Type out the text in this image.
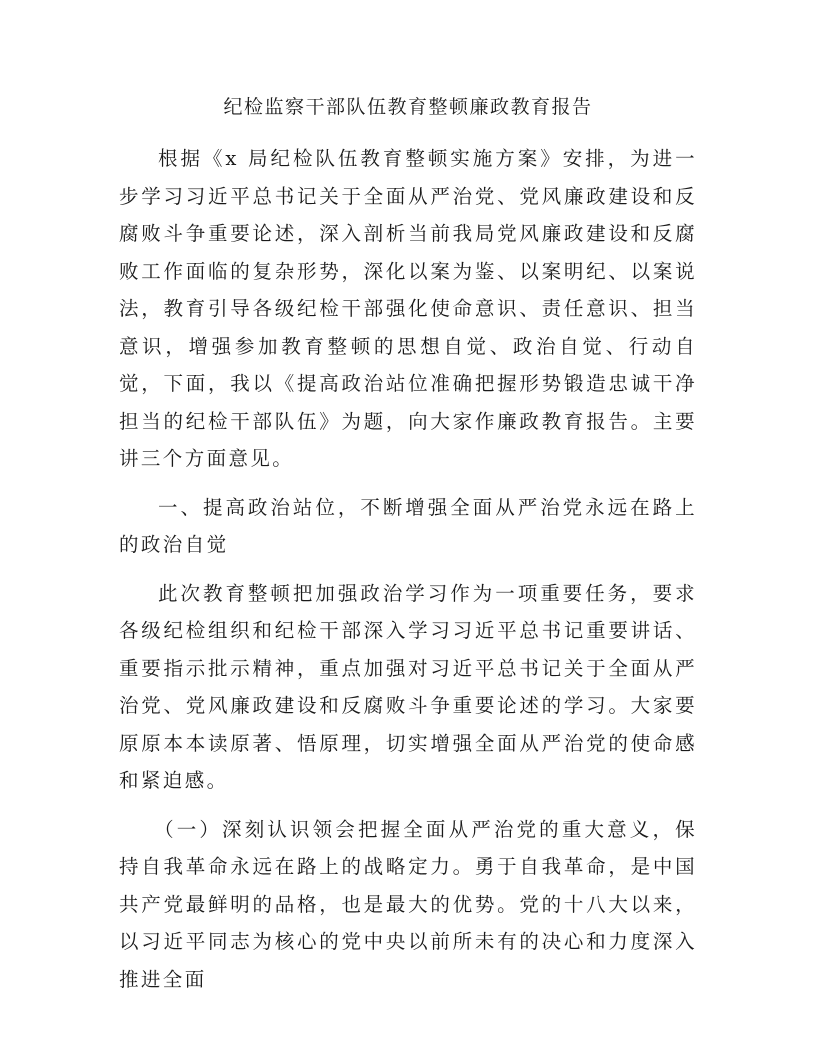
纪检监察干部队伍教育整顿廉政教育报告

根据《x 局纪检队伍教育整顿实施方案》安排，为进一步学习习近平总书记关于全面从严治党、党风廉政建设和反腐败斗争重要论述，深入剖析当前我局党风廉政建设和反腐败工作面临的复杂形势，深化以案为鉴、以案明纪、以案说法，教育引导各级纪检干部强化使命意识、责任意识、担当意识，增强参加教育整顿的思想自觉、政治自觉、行动自觉，下面，我以《提高政治站位准确把握形势锻造忠诚干净担当的纪检干部队伍》为题，向大家作廉政教育报告。主要讲三个方面意见。

一、提高政治站位，不断增强全面从严治党永远在路上的政治自觉

此次教育整顿把加强政治学习作为一项重要任务，要求各级纪检组织和纪检干部深入学习习近平总书记重要讲话、重要指示批示精神，重点加强对习近平总书记关于全面从严治党、党风廉政建设和反腐败斗争重要论述的学习。大家要原原本本读原著、悟原理，切实增强全面从严治党的使命感和紧迫感。

（一）深刻认识领会把握全面从严治党的重大意义，保持自我革命永远在路上的战略定力。勇于自我革命，是中国共产党最鲜明的品格，也是最大的优势。党的十八大以来，以习近平同志为核心的党中央以前所未有的决心和力度深入推进全面
